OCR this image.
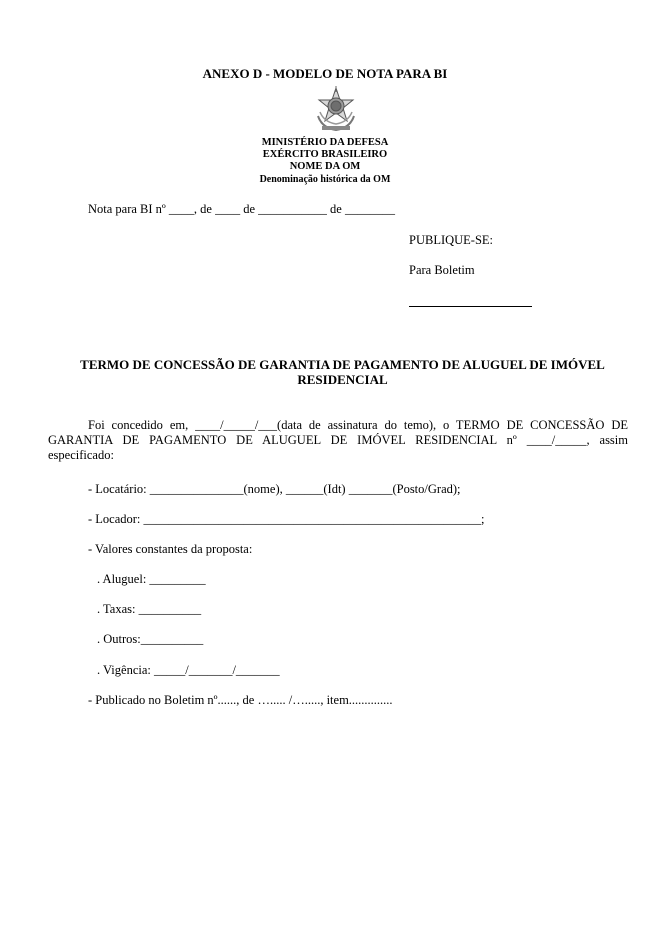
ANEXO D - MODELO DE NOTA PARA BI
MINISTÉRIO DA DEFESA
EXÉRCITO BRASILEIRO
NOME DA OM
Denominação histórica da OM
Nota para BI nº ____, de ____ de ___________ de ________
PUBLIQUE-SE:
Para Boletim
TERMO DE CONCESSÃO DE GARANTIA DE PAGAMENTO DE ALUGUEL DE IMÓVEL RESIDENCIAL
Foi concedido em, ____/_____/___(data de assinatura do temo), o TERMO DE CONCESSÃO DE GARANTIA DE PAGAMENTO DE ALUGUEL DE IMÓVEL RESIDENCIAL nº ____/_____, assim especificado:
- Locatário: _______________(nome), ______(Idt) _______(Posto/Grad);
- Locador: ______________________________________________________;
- Valores constantes da proposta:
. Aluguel: _________
. Taxas: __________
. Outros:__________
. Vigência: _____/_______/_______
- Publicado no Boletim nº......, de …..... /…....., item..............
